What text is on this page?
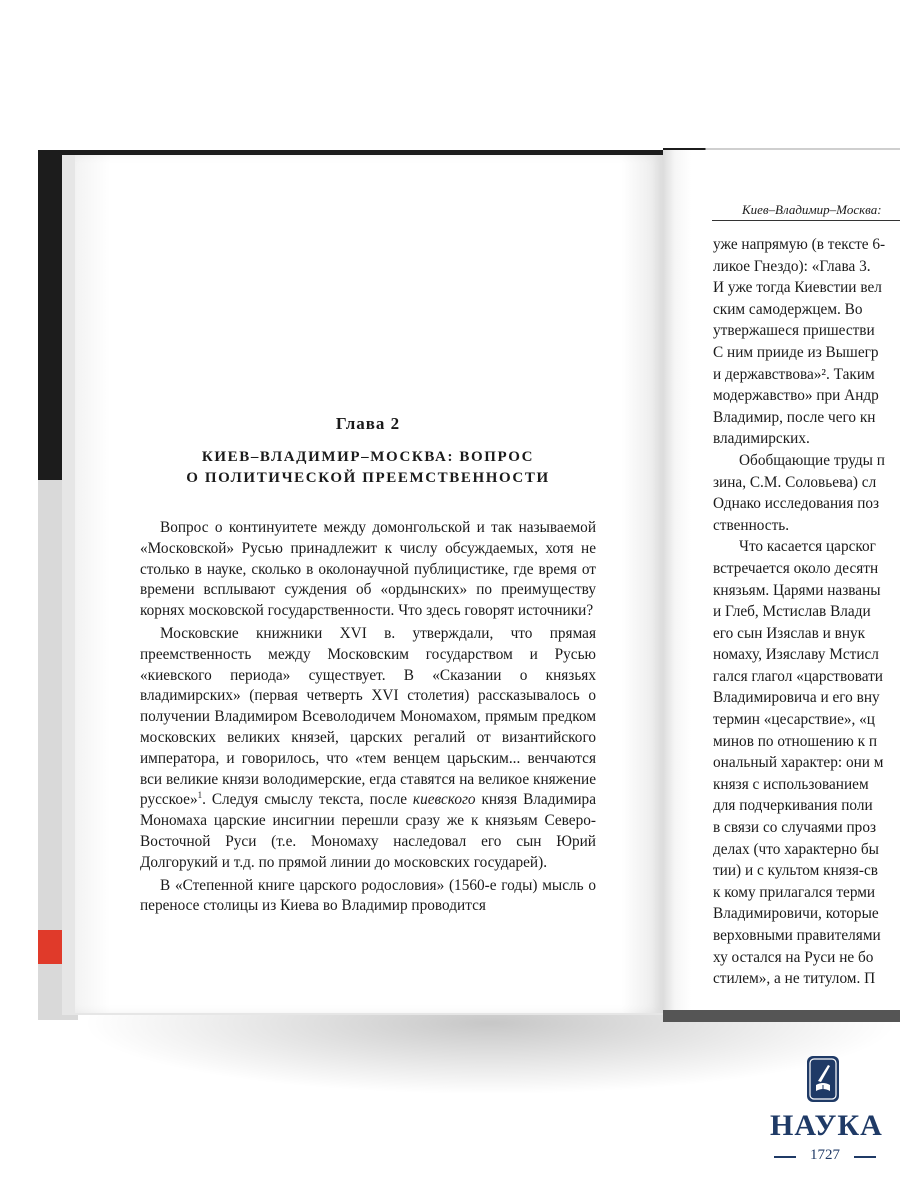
Глава 2
КИЕВ–ВЛАДИМИР–МОСКВА: ВОПРОС
О ПОЛИТИЧЕСКОЙ ПРЕЕМСТВЕННОСТИ

Вопрос о континуитете между домонгольской и так называемой «Московской» Русью принадлежит к числу обсуждаемых, хотя не столько в науке, сколько в околонаучной публицистике, где время от времени всплывают суждения об «ордынских» по преимуществу корнях московской государственности. Что здесь говорят источники?

Московские книжники XVI в. утверждали, что прямая преемственность между Московским государством и Русью «киевского периода» существует. В «Сказании о князьях владимирских» (первая четверть XVI столетия) рассказывалось о получении Владимиром Всеволодичем Мономахом, прямым предком московских великих князей, царских регалий от византийского императора, и говорилось, что «тем венцем царьским... венчаются вси великие князи володимерские, егда ставятся на великое княжение русское»$^1$. Следуя смыслу текста, после киевского князя Владимира Мономаха царские инсигнии перешли сразу же к князьям Северо-Восточной Руси (т.е. Мономаху наследовал его сын Юрий Долгорукий и т.д. по прямой линии до московских государей).

В «Степенной книге царского родословия» (1560-е годы) мысль о переносе столицы из Киева во Владимир проводится

Киев–Владимир–Москва:
уже напрямую (в тексте 6-
ликое Гнездо): «Глава 3.
И уже тогда Киевстии вел
ским самодержцем. Во
утвержашеся пришестви
С ним прииде из Вышегр
и державствова»². Таким
модержавство» при Андр
Владимир, после чего кн
владимирских.
Обобщающие труды п
зина, С.М. Соловьева) сл
Однако исследования поз
ственность.
Что касается царског
встречается около десятн
князьям. Царями названы
и Глеб, Мстислав Влади
его сын Изяслав и внук
номаху, Изяславу Мстисл
гался глагол «царствовати
Владимировича и его вну
термин «цесарствие», «ц
минов по отношению к п
ональный характер: они м
князя с использованием
для подчеркивания поли
в связи со случаями проз
делах (что характерно бы
тии) и с культом князя-св
к кому прилагался терми
Владимировичи, которые
верховными правителями
ху остался на Руси не бо
стилем», а не титулом. П
НАУКА
1727
